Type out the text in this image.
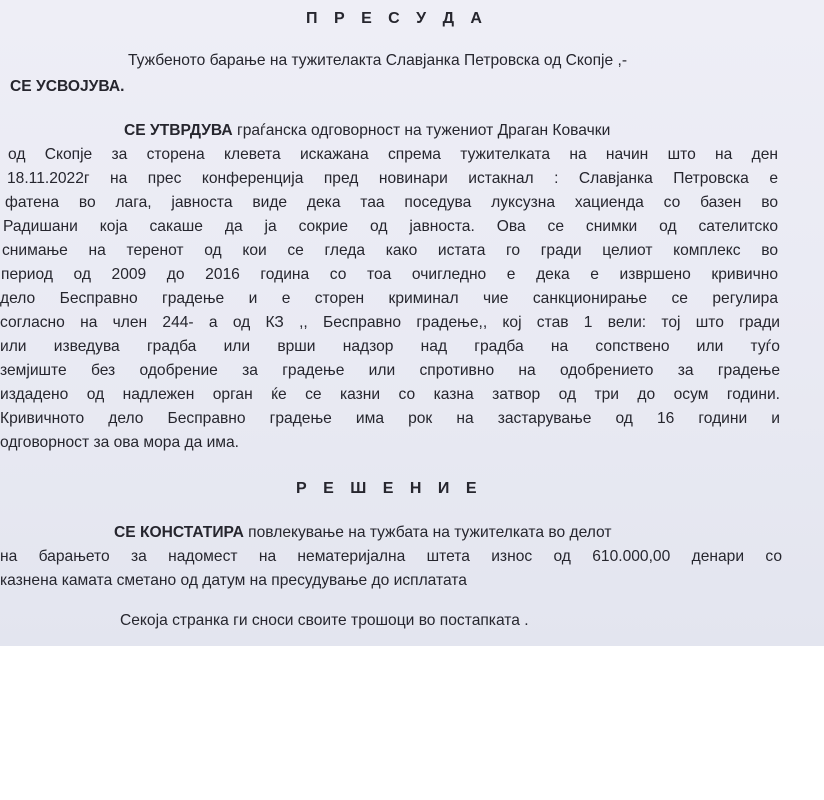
П Р Е С У Д А
Тужбеното барање на тужителакта Славјанка Петровска од Скопје ,-
СЕ УСВОЈУВА.
СЕ УТВРДУВА граѓанска одговорност на тужениот Драган Ковачки
од Скопје за сторена клевета искажана спрема тужителката на начин што на ден
18.11.2022г на прес конференција пред новинари истакнал : Славјанка Петровска е
фатена во лага, јавноста виде дека таа поседува луксузна хациенда со базен во
Радишани која сакаше да ја сокрие од јавноста. Ова се снимки од сателитско
снимање на теренот од кои се гледа како истата го гради целиот комплекс во
период од 2009 до 2016 година со тоа очигледно е дека е извршено кривично
дело Бесправно градење и е сторен криминал чие санкционирање се регулира
согласно на член 244- а од КЗ ,, Бесправно градење,, кој став 1 вели: тој што гради
или изведува градба или врши надзор над градба на сопствено или туѓо
земјиште без одобрение за градење или спротивно на одобрението за градење
издадено од надлежен орган ќе се казни со казна затвор од три до осум години.
Кривичното дело Бесправно градење има рок на застарување од 16 години и
одговорност за ова мора да има.
Р Е Ш Е Н И Е
СЕ КОНСТАТИРА повлекување на тужбата на тужителката во делот
на барањето за надомест на нематеријална штета износ од 610.000,00 денари со
казнена камата сметано од датум на пресудување до исплатата
Секоја странка ги сноси своите трошоци во постапката .
